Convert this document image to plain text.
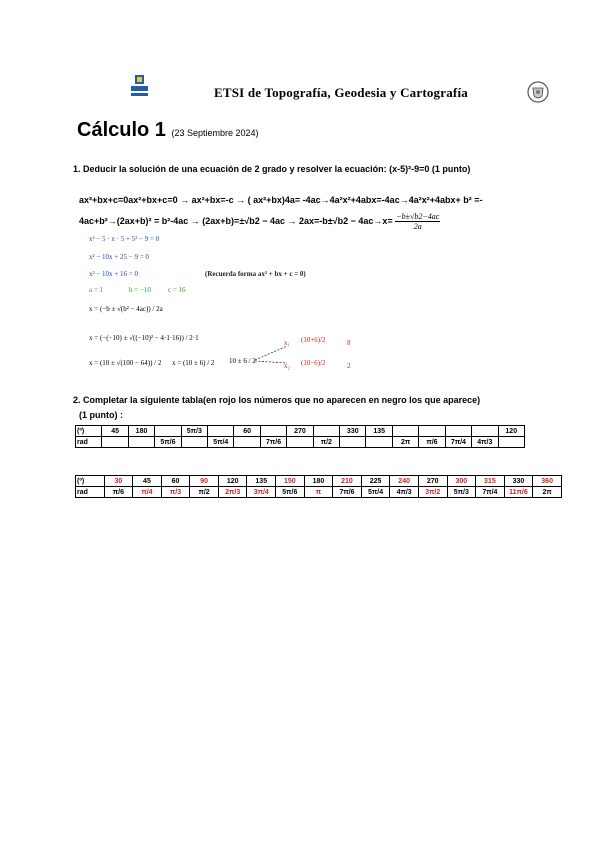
ETSI de Topografía, Geodesia y Cartografía
Cálculo 1 (23 Septiembre 2024)
1. Deducir la solución de una ecuación de 2 grado y resolver la ecuación: (x-5)²-9=0 (1 punto)
ax²+bx+c=0ax²+bx+c=0 → ax²+bx=-c → ( ax²+bx)4a= -4ac→4a²x²+4abx=-4ac→4a²x²+4abx+ b² =-
$4ac+b^2\to(2ax+b)^2 = b^2-4ac \to (2ax+b)=\pm√b2 - 4ac \to 2ax=-b\pm√b2 - 4ac\to x= \frac{-b\pm√b2-4ac}{2a}$
x² − 5 · x · 5 + 5² − 9 = 0
x² − 10x + 25 − 9 = 0
x² − 10x + 16 = 0	(Recuerda forma ax² + bx + c = 0)
a = 1	b = −10 c = 16
x = (−b ± √(b² − 4ac)) / 2a
x = (−(−10) ± √((−10)² − 4·1·16)) / 2·1
x = (10 ± √(100 − 64)) / 2 x = (10 ± 6) / 2 10 ± 6 / 2
x₁ (10+6)/2	8
x₂ (10−6)/2	2
2. Completar la siguiente tabla(en rojo los números que no aparecen en negro los que aparece)
(1 punto) :
(º)	45	180		5π/3		60		270		330	135					120
rad			5π/6		5π/4		7π/6		π/2			2π	π/6	7π/4	4π/3	
(º)	30	45	60	90	120	135	150	180	210	225	240	270	300	315	330	360
rad	π/6	π/4	π/3	π/2	2π/3	3π/4	5π/6	π	7π/6	5π/4	4π/3	3π/2	5π/3	7π/4	11π/6	2π
